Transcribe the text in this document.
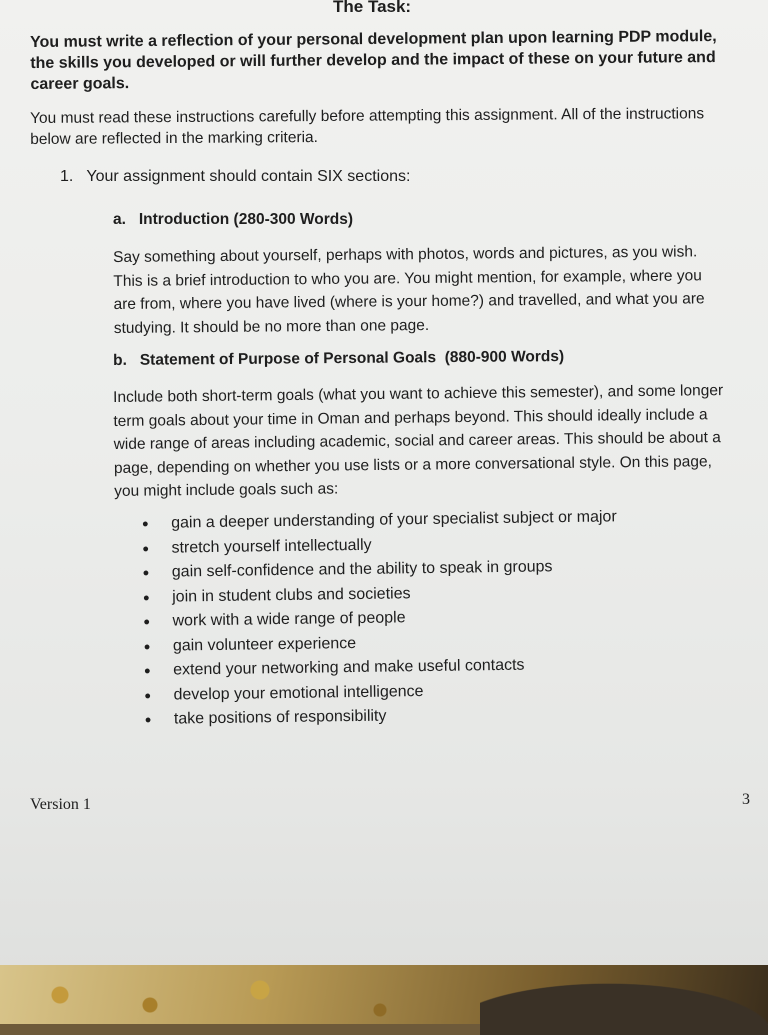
The Task:
You must write a reflection of your personal development plan upon learning PDP module, the skills you developed or will further develop and the impact of these on your future and career goals.
You must read these instructions carefully before attempting this assignment. All of the instructions below are reflected in the marking criteria.
1. Your assignment should contain SIX sections:
a. Introduction (280-300 Words)
Say something about yourself, perhaps with photos, words and pictures, as you wish. This is a brief introduction to who you are. You might mention, for example, where you are from, where you have lived (where is your home?) and travelled, and what you are studying. It should be no more than one page.
b. Statement of Purpose of Personal Goals (880-900 Words)
Include both short-term goals (what you want to achieve this semester), and some longer term goals about your time in Oman and perhaps beyond. This should ideally include a wide range of areas including academic, social and career areas. This should be about a page, depending on whether you use lists or a more conversational style. On this page, you might include goals such as:
• gain a deeper understanding of your specialist subject or major
• stretch yourself intellectually
• gain self-confidence and the ability to speak in groups
• join in student clubs and societies
• work with a wide range of people
• gain volunteer experience
• extend your networking and make useful contacts
• develop your emotional intelligence
• take positions of responsibility
Version 1	3
